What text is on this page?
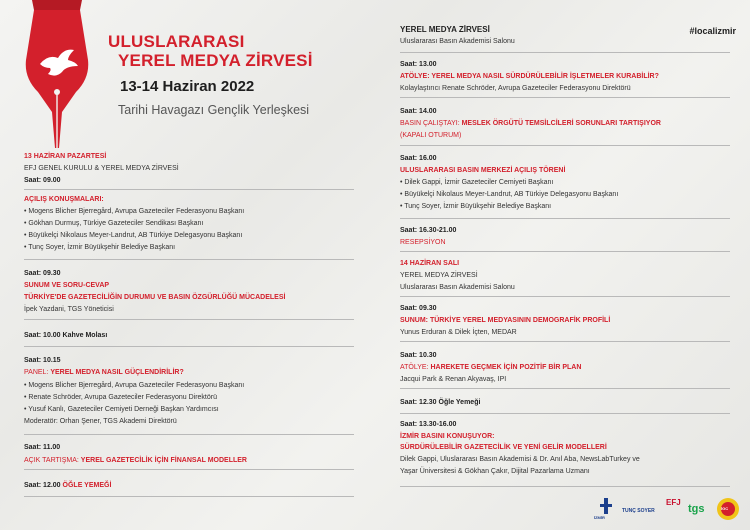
ULUSLARARASI
YEREL MEDYA ZİRVESİ
13-14 Haziran 2022
Tarihi Havagazı Gençlik Yerleşkesi
#localizmir
13 HAZİRAN PAZARTESİ
EFJ GENEL KURULU & YEREL MEDYA ZİRVESİ
Saat: 09.00
AÇILIŞ KONUŞMALARI:
• Mogens Blicher Bjerregård, Avrupa Gazeteciler Federasyonu Başkanı
• Gökhan Durmuş, Türkiye Gazeteciler Sendikası Başkanı
• Büyükelçi Nikolaus Meyer-Landrut, AB Türkiye Delegasyonu Başkanı
• Tunç Soyer, İzmir Büyükşehir Belediye Başkanı
Saat: 09.30
SUNUM VE SORU-CEVAP
TÜRKİYE'DE GAZETECİLİĞİN DURUMU VE BASIN ÖZGÜRLÜĞÜ MÜCADELESİ
İpek Yazdani, TGS Yöneticisi
Saat: 10.00 Kahve Molası
Saat: 10.15
PANEL: YEREL MEDYA NASIL GÜÇLENDİRİLİR?
• Mogens Blicher Bjerregård, Avrupa Gazeteciler Federasyonu Başkanı
• Renate Schröder, Avrupa Gazeteciler Federasyonu Direktörü
• Yusuf Kanlı, Gazeteciler Cemiyeti Derneği Başkan Yardımcısı
Moderatör: Orhan Şener, TGS Akademi Direktörü
Saat: 11.00
AÇIK TARTIŞMA: YEREL GAZETECİLİK İÇİN FİNANSAL MODELLER
Saat: 12.00 ÖĞLE YEMEĞİ
YEREL MEDYA ZİRVESİ
Uluslararası Basın Akademisi Salonu
Saat: 13.00
ATÖLYE: YEREL MEDYA NASIL SÜRDÜRÜLEBİLİR İŞLETMELER KURABİLİR?
Kolaylaştırıcı Renate Schröder, Avrupa Gazeteciler Federasyonu Direktörü
Saat: 14.00
BASIN ÇALIŞTAYI: MESLEK ÖRGÜTÜ TEMSİLCİLERİ SORUNLARI TARTIŞIYOR
(KAPALI OTURUM)
Saat: 16.00
ULUSLARARASI BASIN MERKEZİ AÇILIŞ TÖRENİ
• Dilek Gappi, İzmir Gazeteciler Cemiyeti Başkanı
• Büyükelçi Nikolaus Meyer-Landrut, AB Türkiye Delegasyonu Başkanı
• Tunç Soyer, İzmir Büyükşehir Belediye Başkanı
Saat: 16.30-21.00
RESEPSİYON
14 HAZİRAN SALI
YEREL MEDYA ZİRVESİ
Uluslararası Basın Akademisi Salonu
Saat: 09.30
SUNUM: TÜRKİYE YEREL MEDYASININ DEMOGRAFİK PROFİLİ
Yunus Erduran & Dilek İçten, MEDAR
Saat: 10.30
ATÖLYE: HAREKETE GEÇMEK İÇİN POZİTİF BİR PLAN
Jacqui Park & Renan Akyavaş, IPI
Saat: 12.30 Öğle Yemeği
Saat: 13.30-16.00
İZMİR BASINI KONUŞUYOR:
SÜRDÜRÜLEBİLİR GAZETECİLİK VE YENİ GELİR MODELLERİ
Dilek Gappi, Uluslararası Basın Akademisi & Dr. Anıl Aba, NewsLabTurkey ve
Yaşar Üniversitesi & Gökhan Çakır, Dijital Pazarlama Uzmanı
İZMİR
TUNÇ SOYER
EFJ
tgs	İGC
